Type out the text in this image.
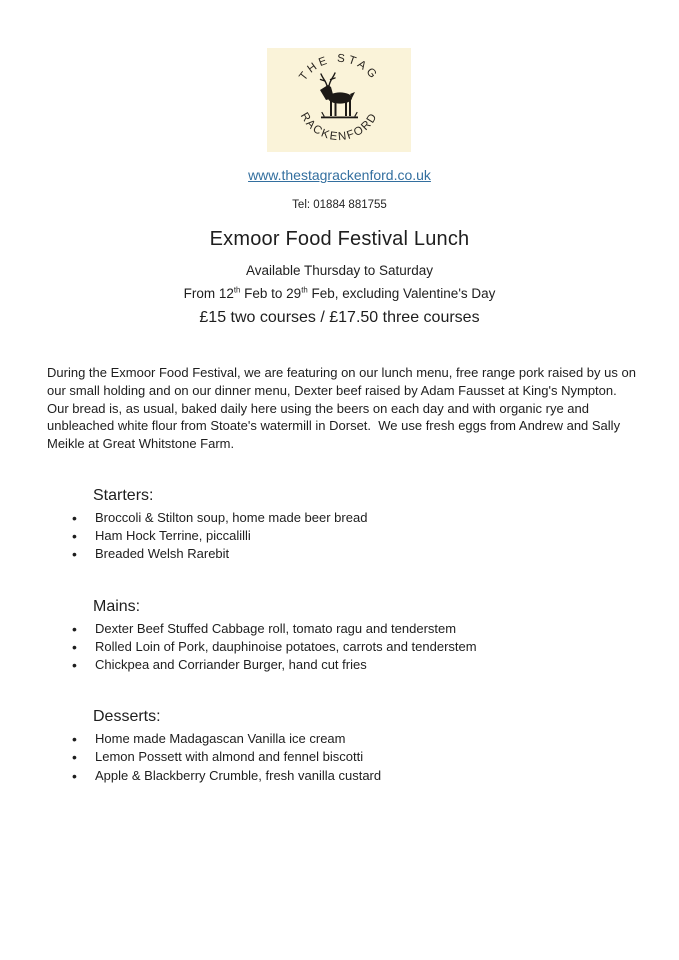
THE STAG
RACKENFORD
www.thestagrackenford.co.uk
Tel: 01884 881755
Exmoor Food Festival Lunch
Available Thursday to Saturday
From 12th Feb to 29th Feb, excluding Valentine's Day
£15 two courses / £17.50 three courses
During the Exmoor Food Festival, we are featuring on our lunch menu, free range pork raised by us on our small holding and on our dinner menu, Dexter beef raised by Adam Fausset at King's Nympton.  Our bread is, as usual, baked daily here using the beers on each day and with organic rye and unbleached white flour from Stoate's watermill in Dorset.  We use fresh eggs from Andrew and Sally Meikle at Great Whitstone Farm.
Starters:
• Broccoli & Stilton soup, home made beer bread
• Ham Hock Terrine, piccalilli
• Breaded Welsh Rarebit
Mains:
• Dexter Beef Stuffed Cabbage roll, tomato ragu and tenderstem
• Rolled Loin of Pork, dauphinoise potatoes, carrots and tenderstem
• Chickpea and Corriander Burger, hand cut fries
Desserts:
• Home made Madagascan Vanilla ice cream
• Lemon Possett with almond and fennel biscotti
• Apple & Blackberry Crumble, fresh vanilla custard
